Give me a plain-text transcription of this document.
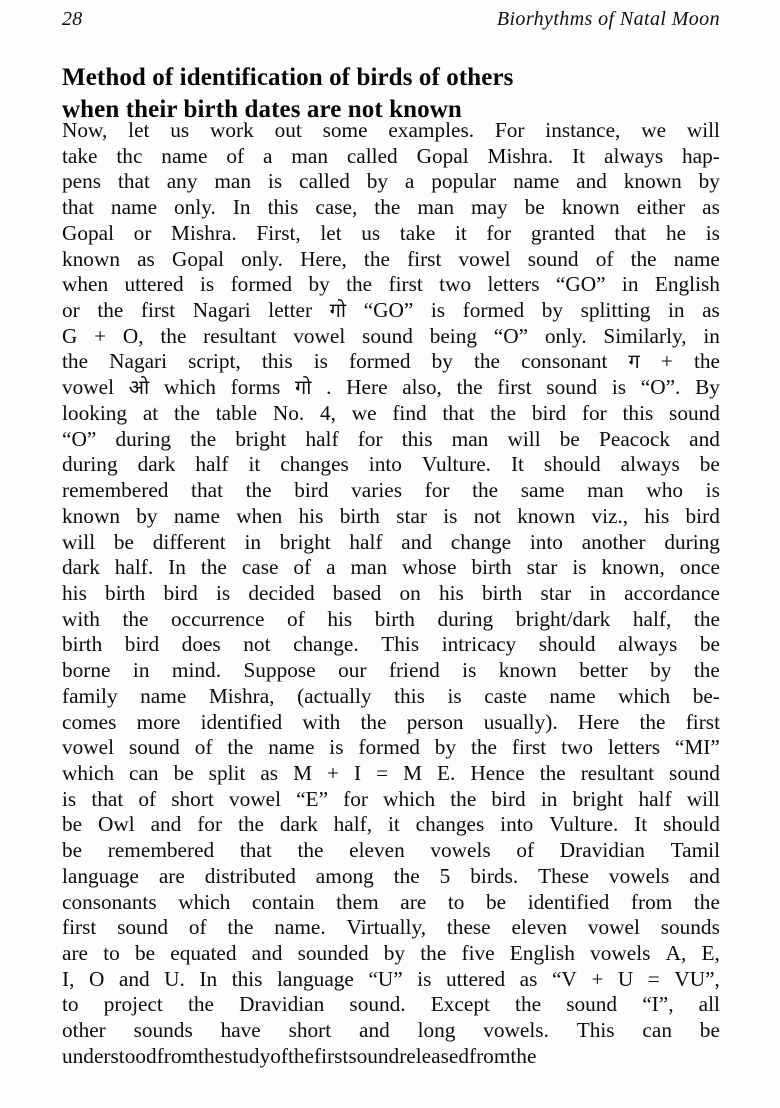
28	Biorhythms of Natal Moon
Method of identification of birds of others
when their birth dates are not known
Now, let us work out some examples. For instance, we will
take thc name of a man called Gopal Mishra. It always hap-
pens that any man is called by a popular name and known by
that name only. In this case, the man may be known either as
Gopal or Mishra. First, let us take it for granted that he is
known as Gopal only. Here, the first vowel sound of the name
when uttered is formed by the first two letters “GO” in English
or the first Nagari letter गो “GO” is formed by splitting in as
G + O, the resultant vowel sound being “O” only. Similarly, in
the Nagari script, this is formed by the consonant ग + the
vowel ओ which forms गो . Here also, the first sound is “O”. By
looking at the table No. 4, we find that the bird for this sound
“O” during the bright half for this man will be Peacock and
during dark half it changes into Vulture. It should always be
remembered that the bird varies for the same man who is
known by name when his birth star is not known viz., his bird
will be different in bright half and change into another during
dark half. In the case of a man whose birth star is known, once
his birth bird is decided based on his birth star in accordance
with the occurrence of his birth during bright/dark half, the
birth bird does not change. This intricacy should always be
borne in mind. Suppose our friend is known better by the
family name Mishra, (actually this is caste name which be-
comes more identified with the person usually). Here the first
vowel sound of the name is formed by the first two letters “MI”
which can be split as M + I = M E. Hence the resultant sound
is that of short vowel “E” for which the bird in bright half will
be Owl and for the dark half, it changes into Vulture. It should
be remembered that the eleven vowels of Dravidian Tamil
language are distributed among the 5 birds. These vowels and
consonants which contain them are to be identified from the
first sound of the name. Virtually, these eleven vowel sounds
are to be equated and sounded by the five English vowels A, E,
I, O and U. In this language “U” is uttered as “V + U = VU”,
to project the Dravidian sound. Except the sound “I”, all
other sounds have short and long vowels. This can be
understood from the study of the first sound released from the
